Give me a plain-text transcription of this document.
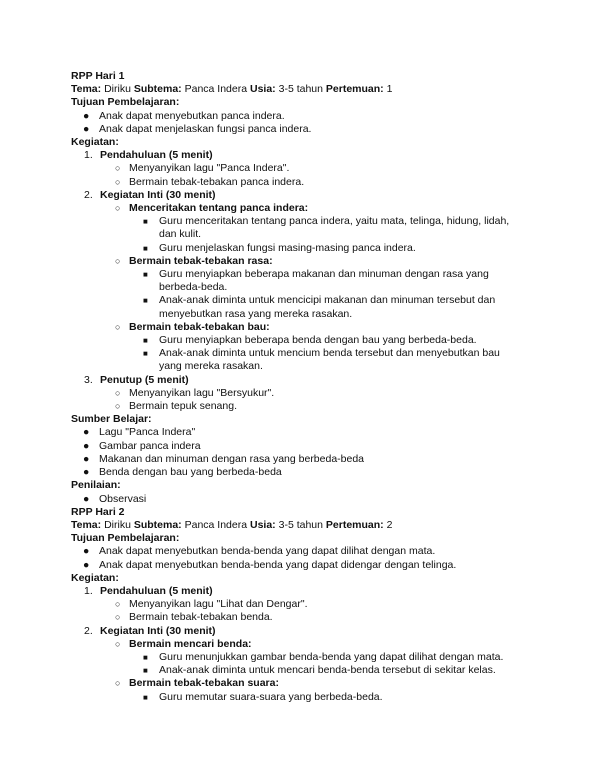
RPP Hari 1
Tema: Diriku Subtema: Panca Indera Usia: 3-5 tahun Pertemuan: 1
Tujuan Pembelajaran:
● Anak dapat menyebutkan panca indera.
● Anak dapat menjelaskan fungsi panca indera.
Kegiatan:
1. Pendahuluan (5 menit)
○ Menyanyikan lagu "Panca Indera".
○ Bermain tebak-tebakan panca indera.
2. Kegiatan Inti (30 menit)
○ Menceritakan tentang panca indera:
■ Guru menceritakan tentang panca indera, yaitu mata, telinga, hidung, lidah,
dan kulit.
■ Guru menjelaskan fungsi masing-masing panca indera.
○ Bermain tebak-tebakan rasa:
■ Guru menyiapkan beberapa makanan dan minuman dengan rasa yang
berbeda-beda.
■ Anak-anak diminta untuk mencicipi makanan dan minuman tersebut dan
menyebutkan rasa yang mereka rasakan.
○ Bermain tebak-tebakan bau:
■ Guru menyiapkan beberapa benda dengan bau yang berbeda-beda.
■ Anak-anak diminta untuk mencium benda tersebut dan menyebutkan bau
yang mereka rasakan.
3. Penutup (5 menit)
○ Menyanyikan lagu "Bersyukur".
○ Bermain tepuk senang.
Sumber Belajar:
● Lagu "Panca Indera"
● Gambar panca indera
● Makanan dan minuman dengan rasa yang berbeda-beda
● Benda dengan bau yang berbeda-beda
Penilaian:
● Observasi
RPP Hari 2
Tema: Diriku Subtema: Panca Indera Usia: 3-5 tahun Pertemuan: 2
Tujuan Pembelajaran:
● Anak dapat menyebutkan benda-benda yang dapat dilihat dengan mata.
● Anak dapat menyebutkan benda-benda yang dapat didengar dengan telinga.
Kegiatan:
1. Pendahuluan (5 menit)
○ Menyanyikan lagu "Lihat dan Dengar".
○ Bermain tebak-tebakan benda.
2. Kegiatan Inti (30 menit)
○ Bermain mencari benda:
■ Guru menunjukkan gambar benda-benda yang dapat dilihat dengan mata.
■ Anak-anak diminta untuk mencari benda-benda tersebut di sekitar kelas.
○ Bermain tebak-tebakan suara:
■ Guru memutar suara-suara yang berbeda-beda.
